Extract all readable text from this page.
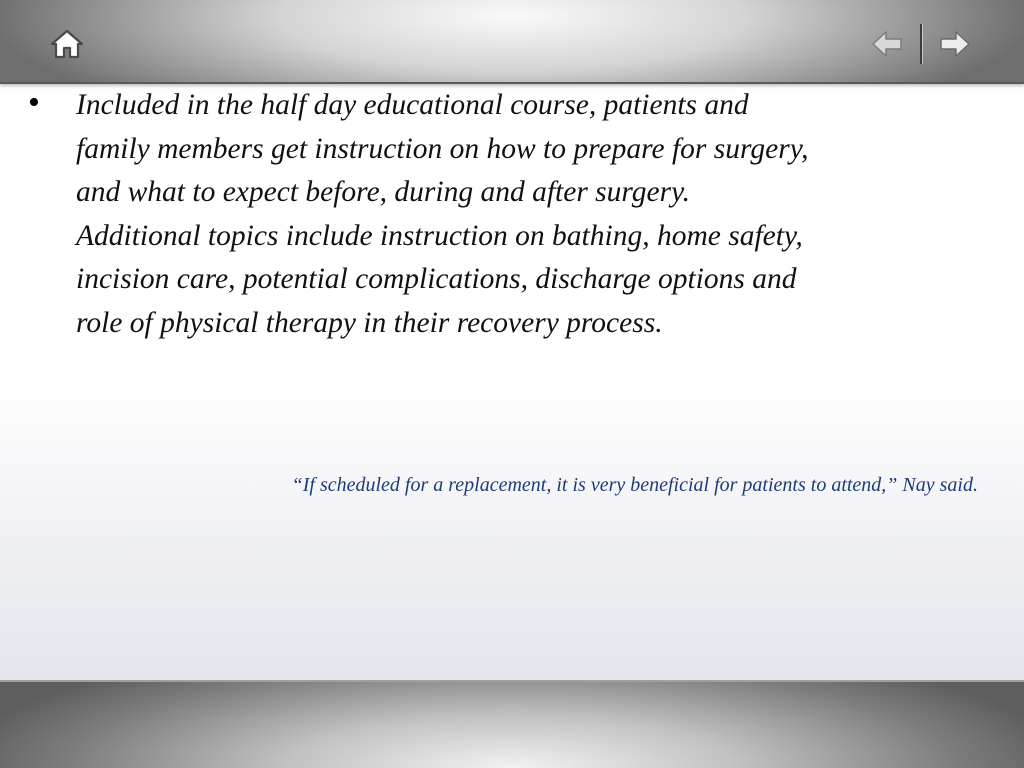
•	Included in the half day educational course, patients and family members get instruction on how to prepare for surgery, and what to expect before, during and after surgery. Additional topics include instruction on bathing, home safety, incision care, potential complications, discharge options and role of physical therapy in their recovery process.
“If scheduled for a replacement, it is very beneficial for patients to attend,” Nay said.
